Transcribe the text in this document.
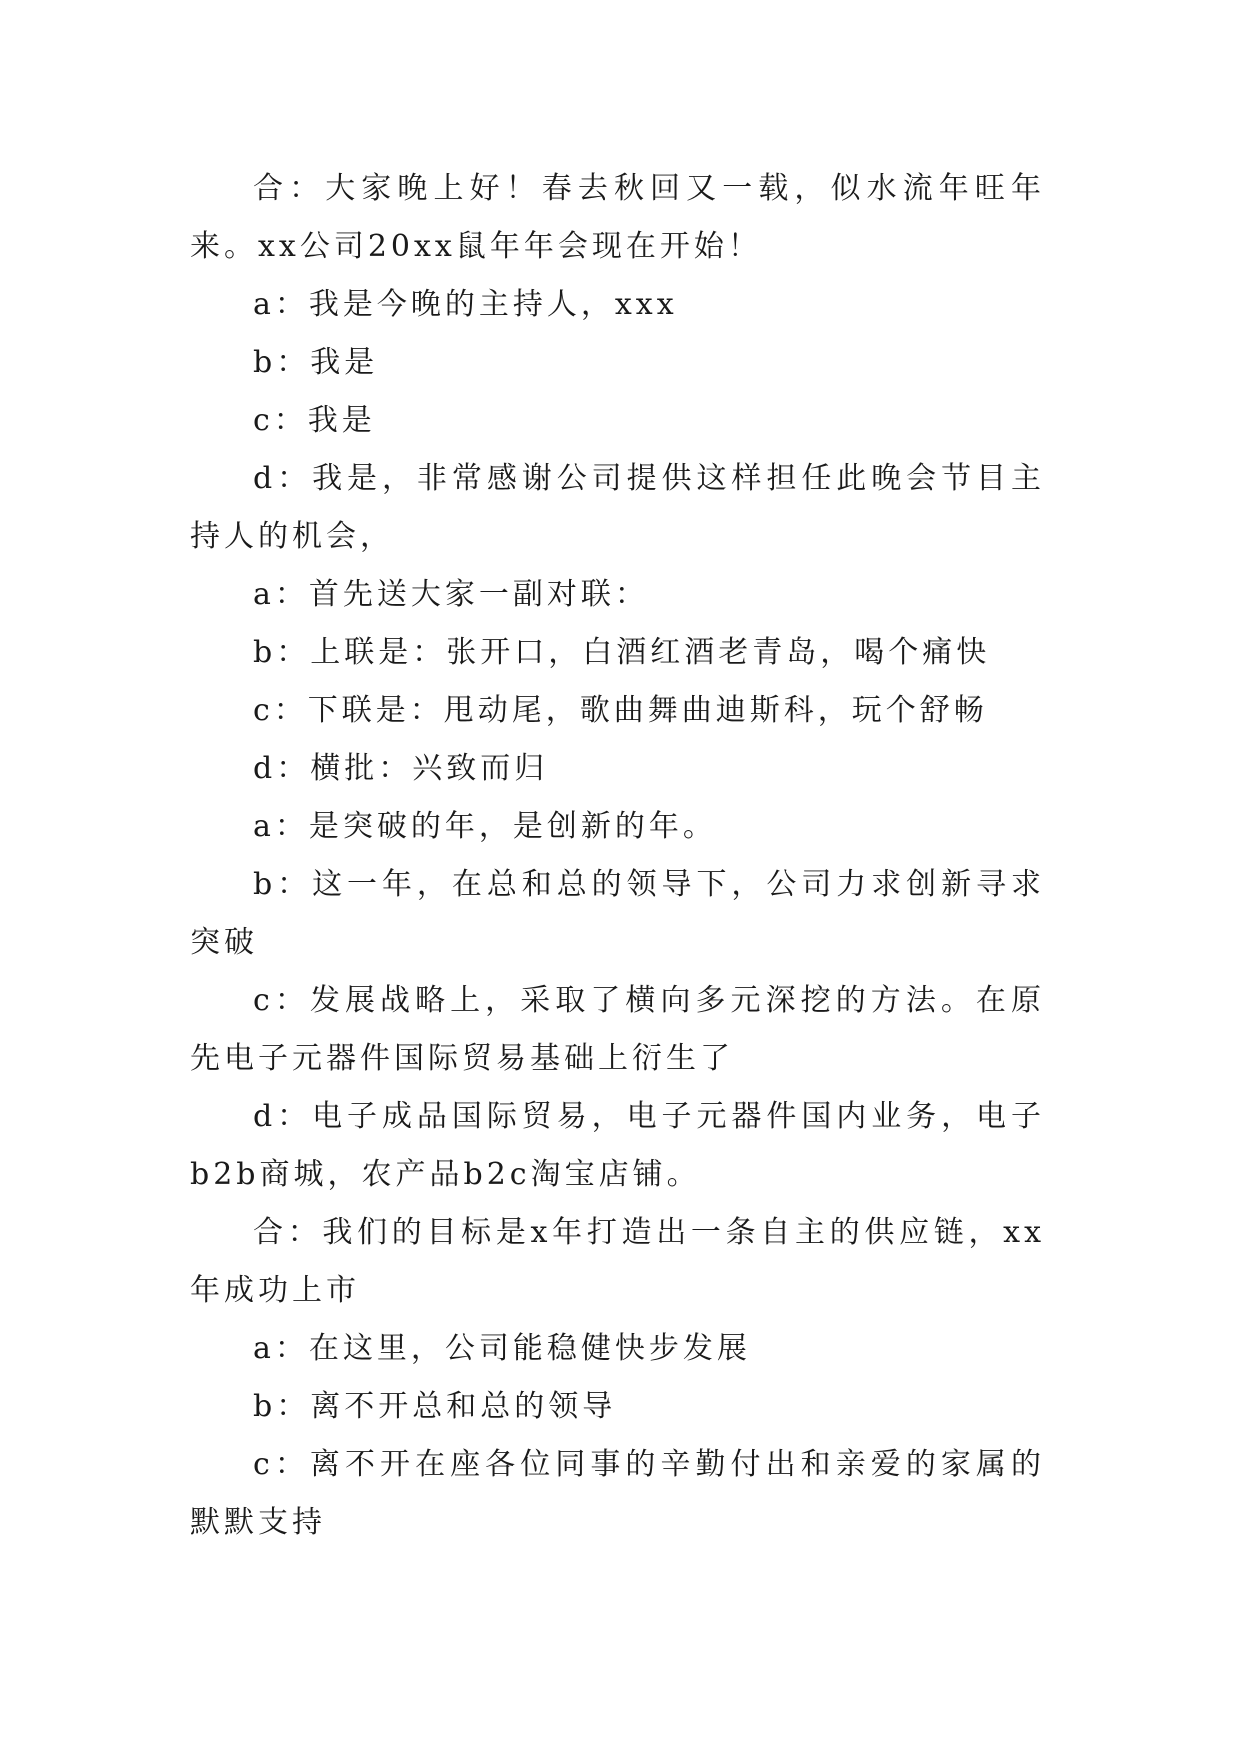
合：大家晚上好！春去秋回又一载，似水流年旺年来。xx公司20xx鼠年年会现在开始！

a：我是今晚的主持人，xxx

b：我是

c：我是

d：我是，非常感谢公司提供这样担任此晚会节目主持人的机会，

a：首先送大家一副对联：

b：上联是：张开口，白酒红酒老青岛，喝个痛快

c：下联是：甩动尾，歌曲舞曲迪斯科，玩个舒畅

d：横批：兴致而归

a：是突破的年，是创新的年。

b：这一年，在总和总的领导下，公司力求创新寻求突破

c：发展战略上，采取了横向多元深挖的方法。在原先电子元器件国际贸易基础上衍生了

d：电子成品国际贸易，电子元器件国内业务，电子b2b商城，农产品b2c淘宝店铺。

合：我们的目标是x年打造出一条自主的供应链，xx年成功上市

a：在这里，公司能稳健快步发展

b：离不开总和总的领导

c：离不开在座各位同事的辛勤付出和亲爱的家属的默默支持
